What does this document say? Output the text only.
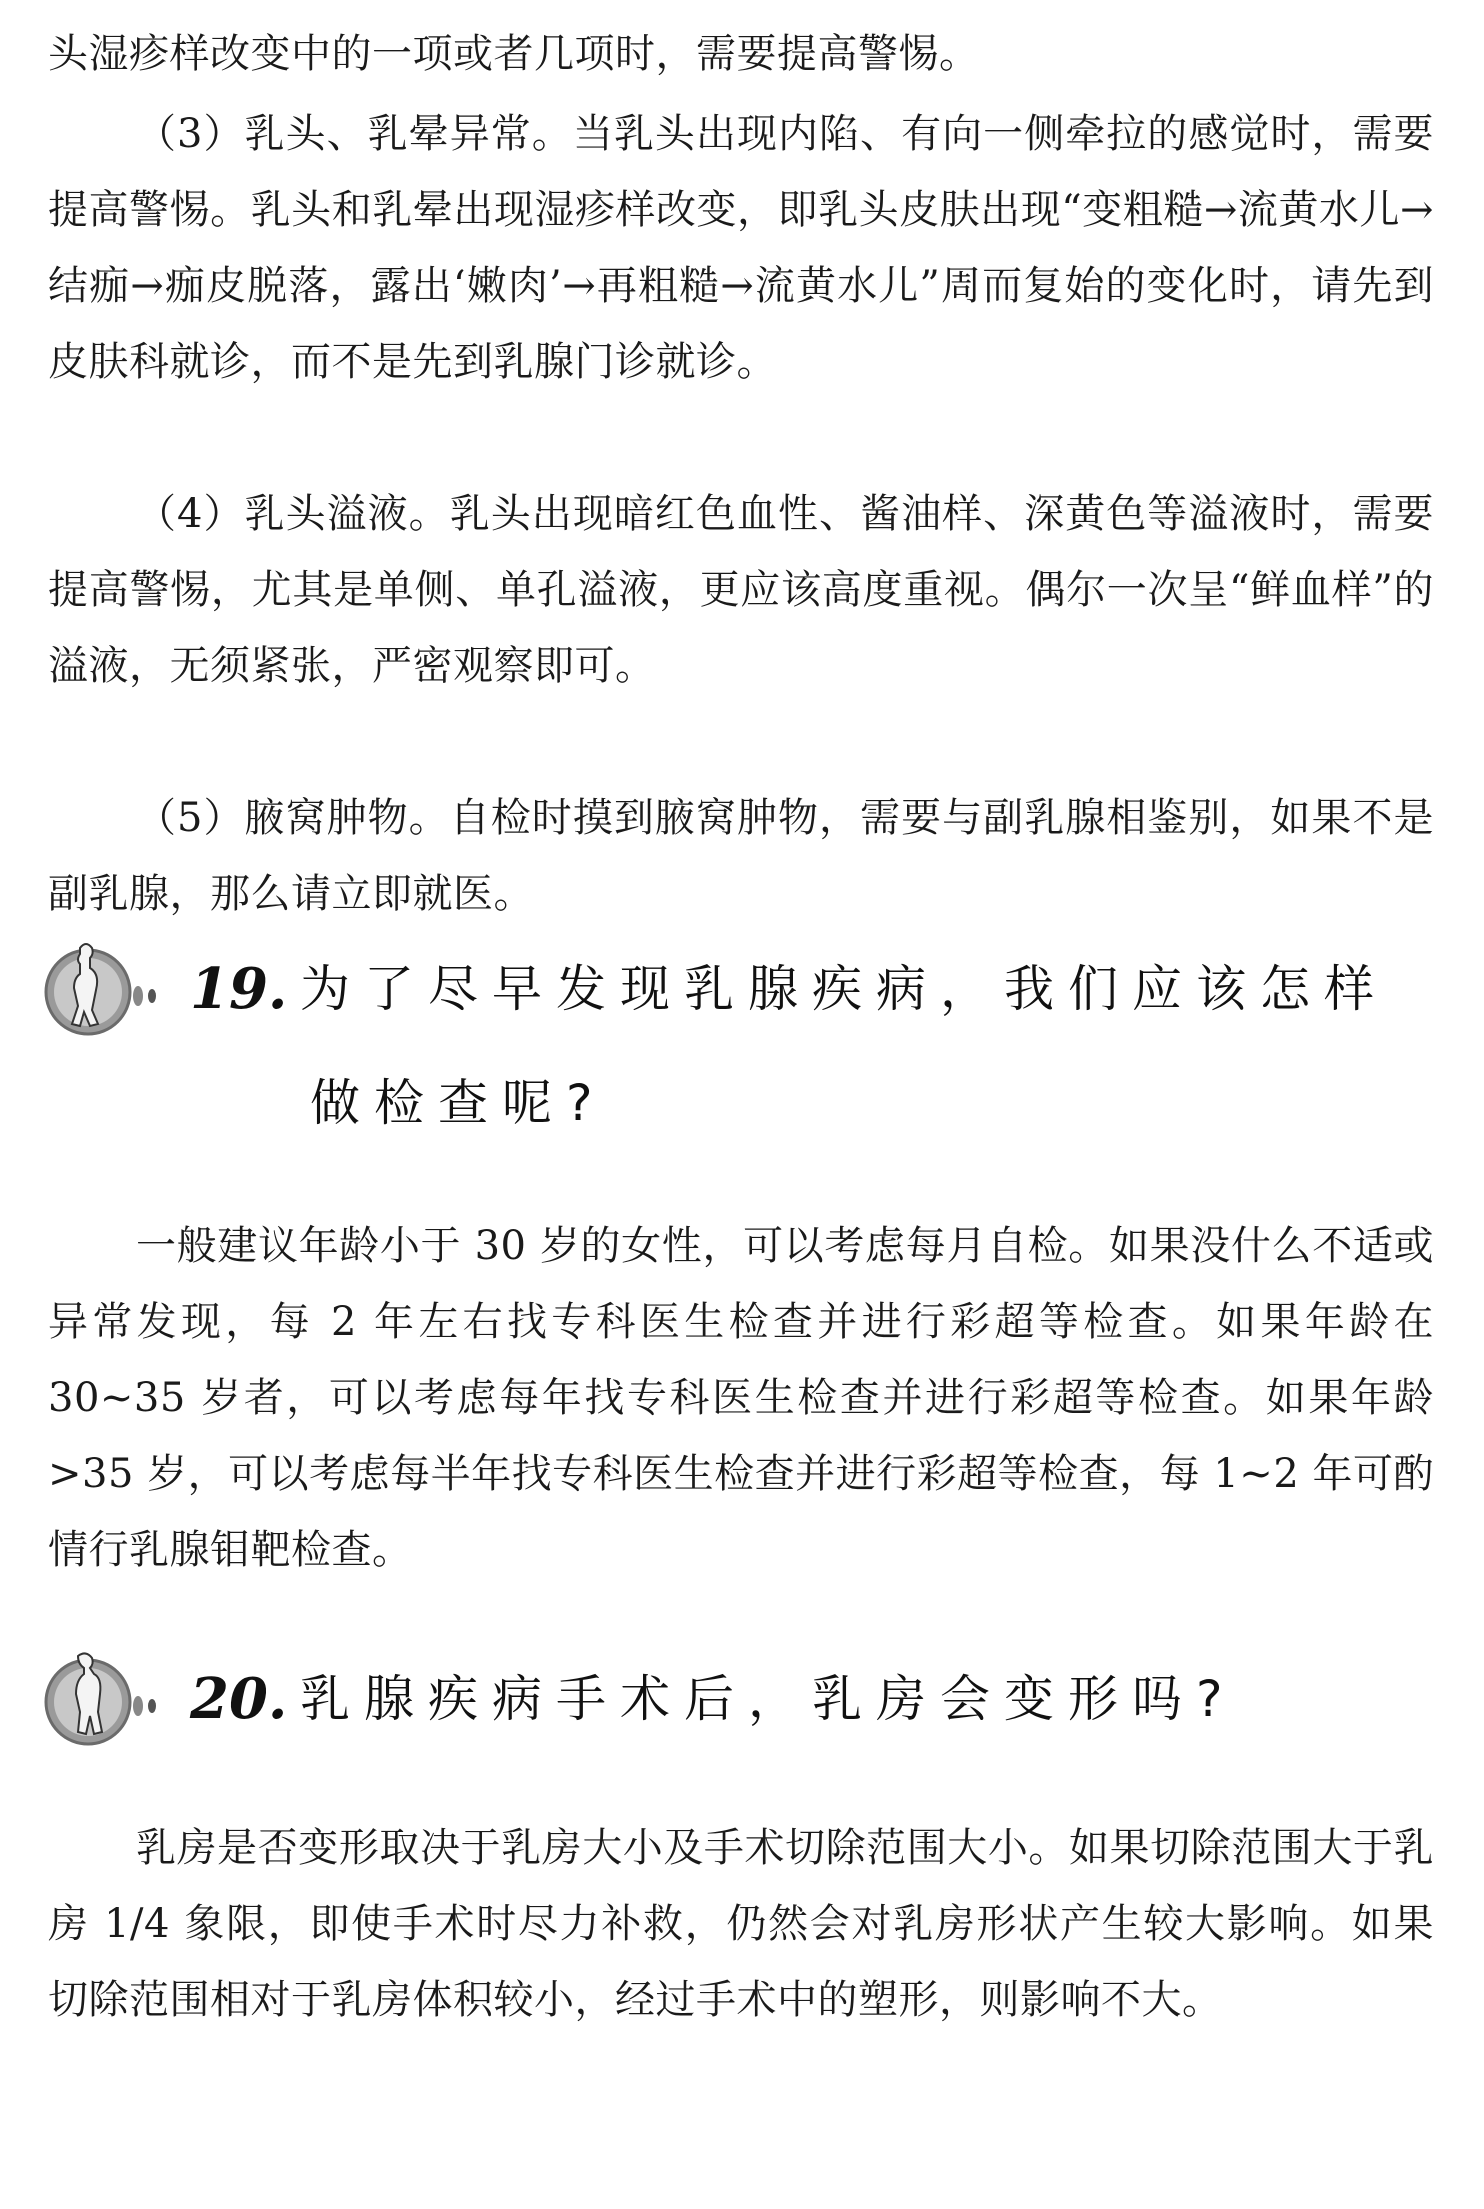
头湿疹样改变中的一项或者几项时，需要提高警惕。

（3）乳头、乳晕异常。当乳头出现内陷、有向一侧牵拉的感觉时，需要提高警惕。乳头和乳晕出现湿疹样改变，即乳头皮肤出现“变粗糙→流黄水儿→结痂→痂皮脱落，露出‘嫩肉’→再粗糙→流黄水儿”周而复始的变化时，请先到皮肤科就诊，而不是先到乳腺门诊就诊。

（4）乳头溢液。乳头出现暗红色血性、酱油样、深黄色等溢液时，需要提高警惕，尤其是单侧、单孔溢液，更应该高度重视。偶尔一次呈“鲜血样”的溢液，无须紧张，严密观察即可。

（5）腋窝肿物。自检时摸到腋窝肿物，需要与副乳腺相鉴别，如果不是副乳腺，那么请立即就医。

19. 为了尽早发现乳腺疾病，我们应该怎样
做检查呢?

一般建议年龄小于 30 岁的女性，可以考虑每月自检。如果没什么不适或异常发现，每 2 年左右找专科医生检查并进行彩超等检查。如果年龄在 30~35 岁者，可以考虑每年找专科医生检查并进行彩超等检查。如果年龄>35 岁，可以考虑每半年找专科医生检查并进行彩超等检查，每 1~2 年可酌情行乳腺钼靶检查。

20. 乳腺疾病手术后，乳房会变形吗?

乳房是否变形取决于乳房大小及手术切除范围大小。如果切除范围大于乳房 1/4 象限，即使手术时尽力补救，仍然会对乳房形状产生较大影响。如果切除范围相对于乳房体积较小，经过手术中的塑形，则影响不大。
